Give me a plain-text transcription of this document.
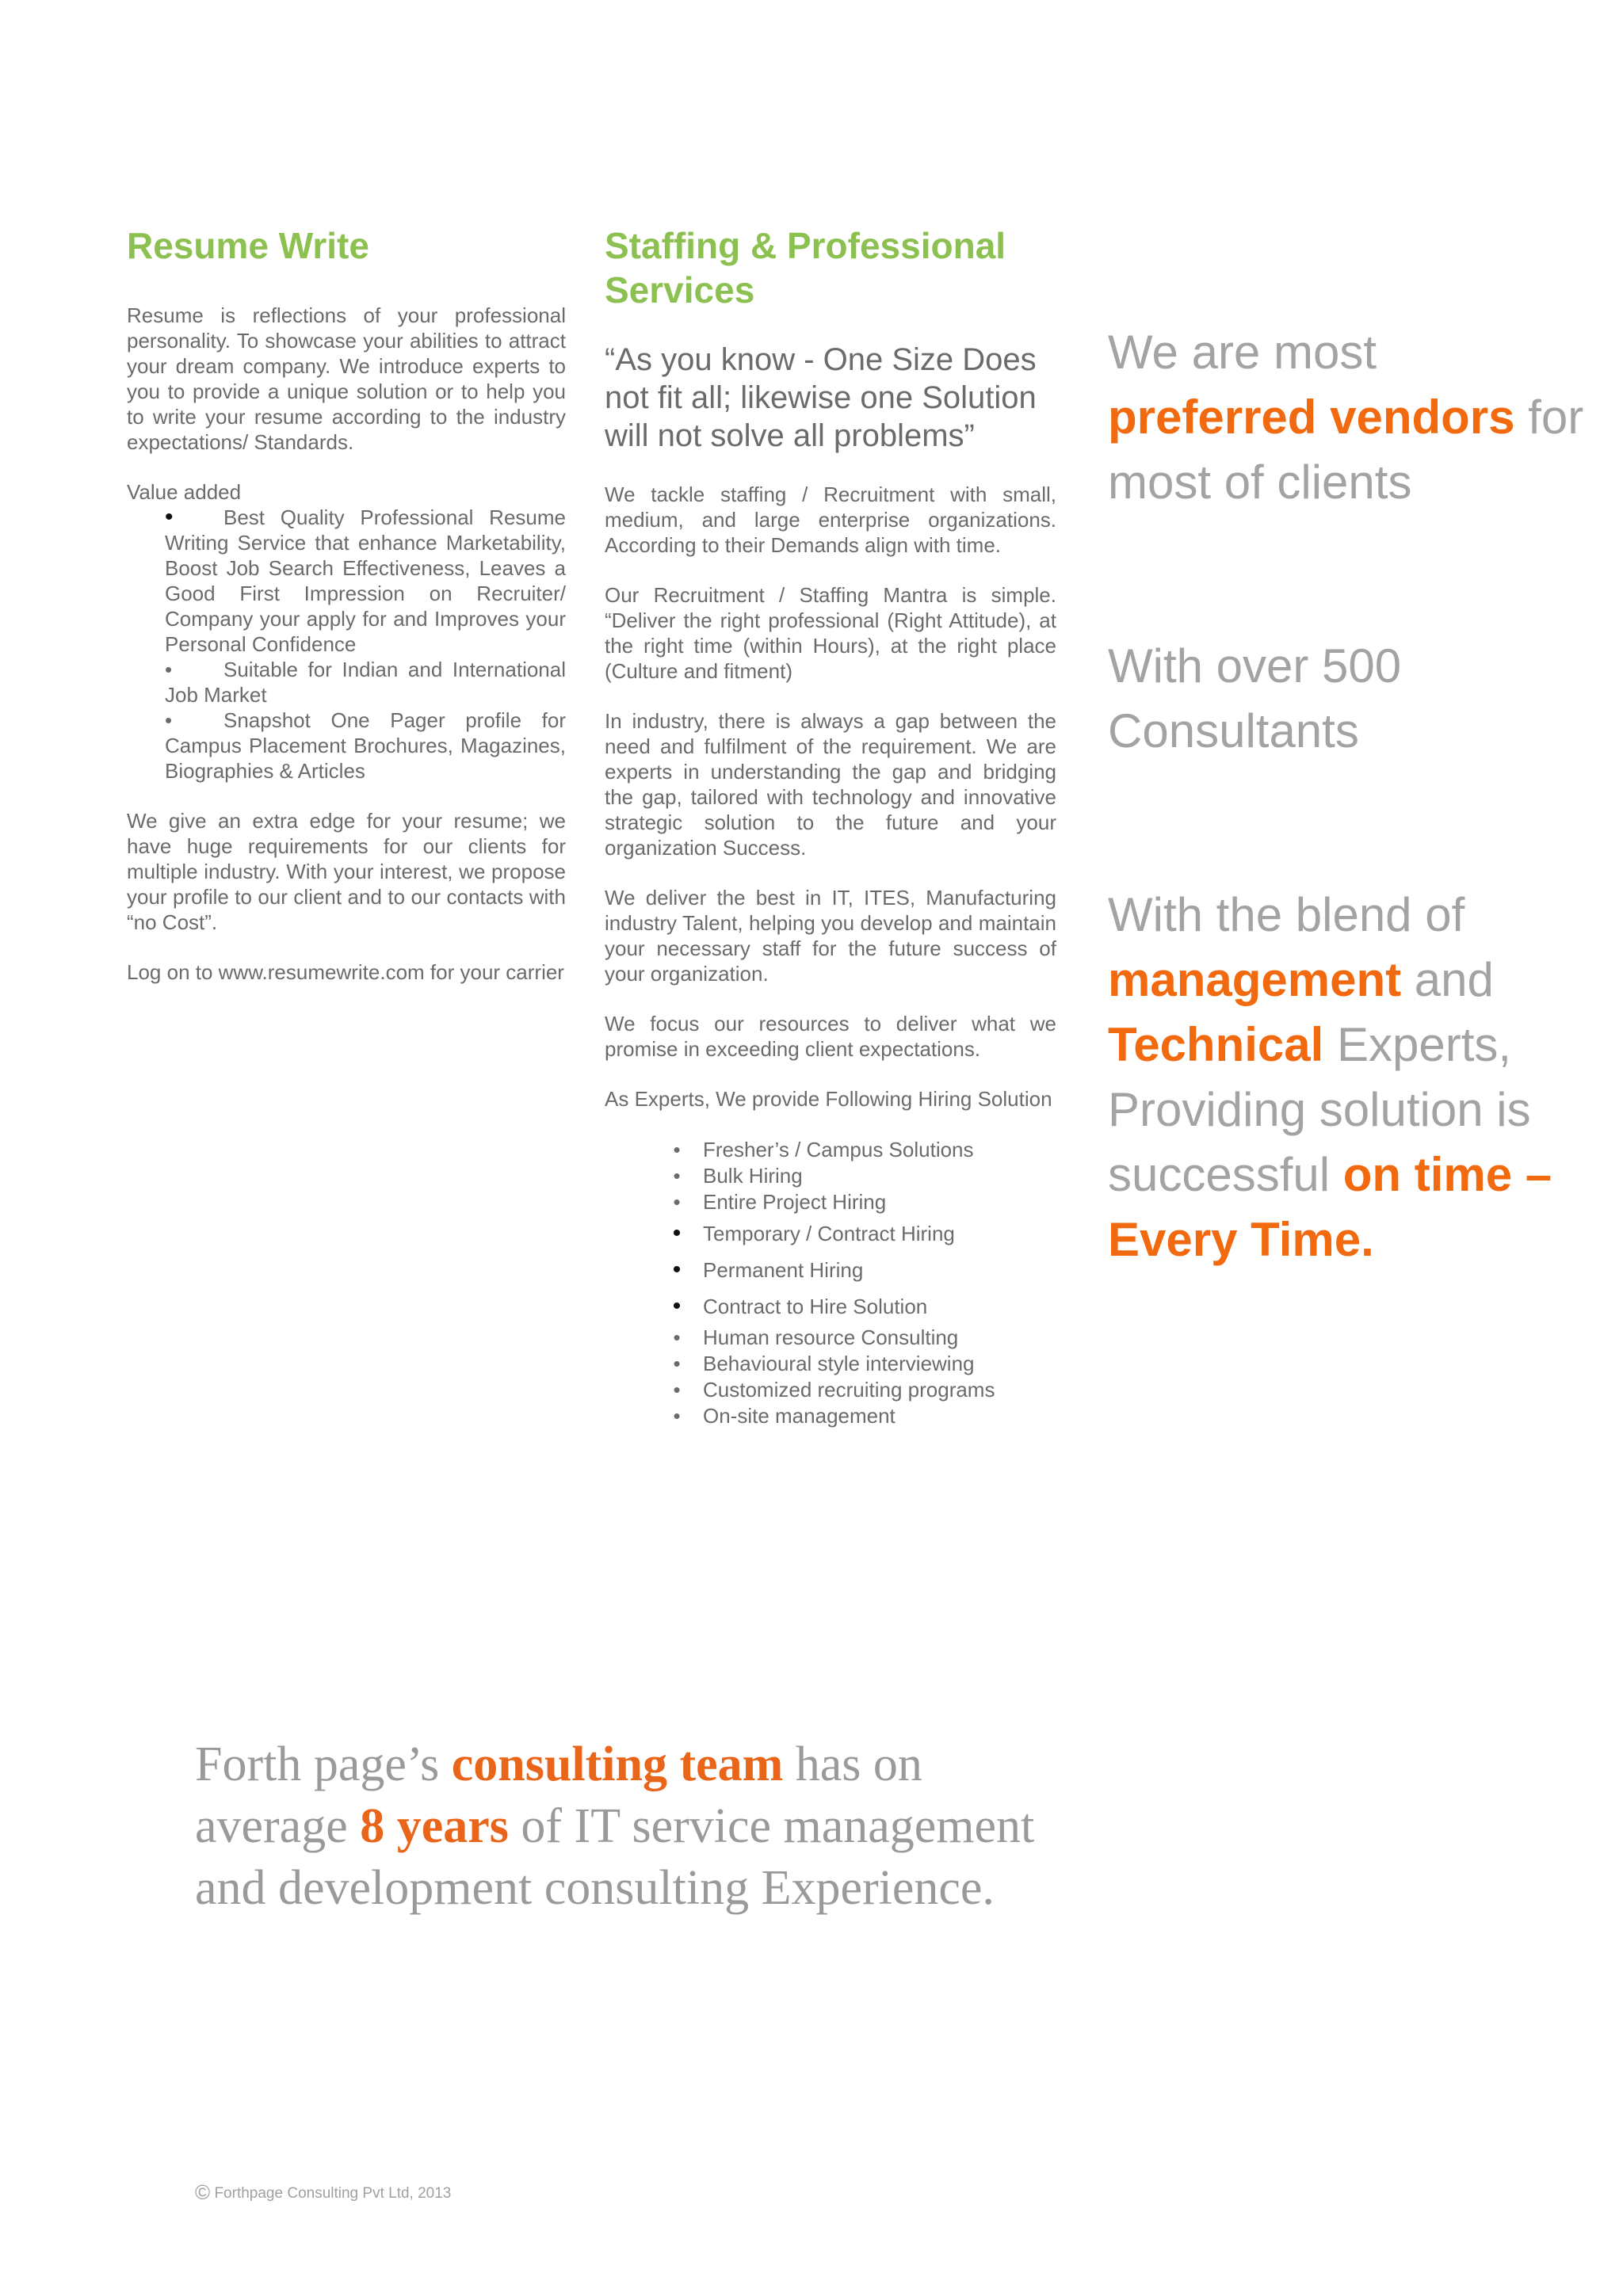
Resume Write

Resume is reflections of your professional personality. To showcase your abilities to attract your dream company. We introduce experts to you to provide a unique solution or to help you to write your resume according to the industry expectations/ Standards.

Value added

• Best Quality Professional Resume Writing Service that enhance Marketability, Boost Job Search Effectiveness, Leaves a Good First Impression on Recruiter/ Company your apply for and Improves your Personal Confidence
• Suitable for Indian and International Job Market
• Snapshot One Pager profile for Campus Placement Brochures, Magazines, Biographies & Articles

We give an extra edge for your resume; we have huge requirements for our clients for multiple industry. With your interest, we propose your profile to our client and to our contacts with “no Cost”.

Log on to www.resumewrite.com for your carrier

Staffing & Professional Services

“As you know - One Size Does not fit all; likewise one Solution will not solve all problems”

We tackle staffing / Recruitment with small, medium, and large enterprise organizations. According to their Demands align with time.

Our Recruitment / Staffing Mantra is simple. “Deliver the right professional (Right Attitude), at the right time (within Hours), at the right place (Culture and fitment)

In industry, there is always a gap between the need and fulfilment of the requirement. We are experts in understanding the gap and bridging the gap, tailored with technology and innovative strategic solution to the future and your organization Success.

We deliver the best in IT, ITES, Manufacturing industry Talent, helping you develop and maintain your necessary staff for the future success of your organization.

We focus our resources to deliver what we promise in exceeding client expectations.

As Experts, We provide Following Hiring Solution

•	Fresher’s / Campus Solutions
•	Bulk Hiring
•	Entire Project Hiring
•	Temporary / Contract Hiring
•	Permanent Hiring
•	Contract to Hire Solution
•	Human resource Consulting
•	Behavioural style interviewing
•	Customized recruiting programs
•	On-site management

We are most
preferred vendors for most of clients

With over 500 Consultants

With the blend of management and Technical Experts, Providing solution is successful on time – Every Time.

Forth page’s consulting team has on average 8 years of IT service management and development consulting Experience.
© Forthpage Consulting Pvt Ltd, 2013
